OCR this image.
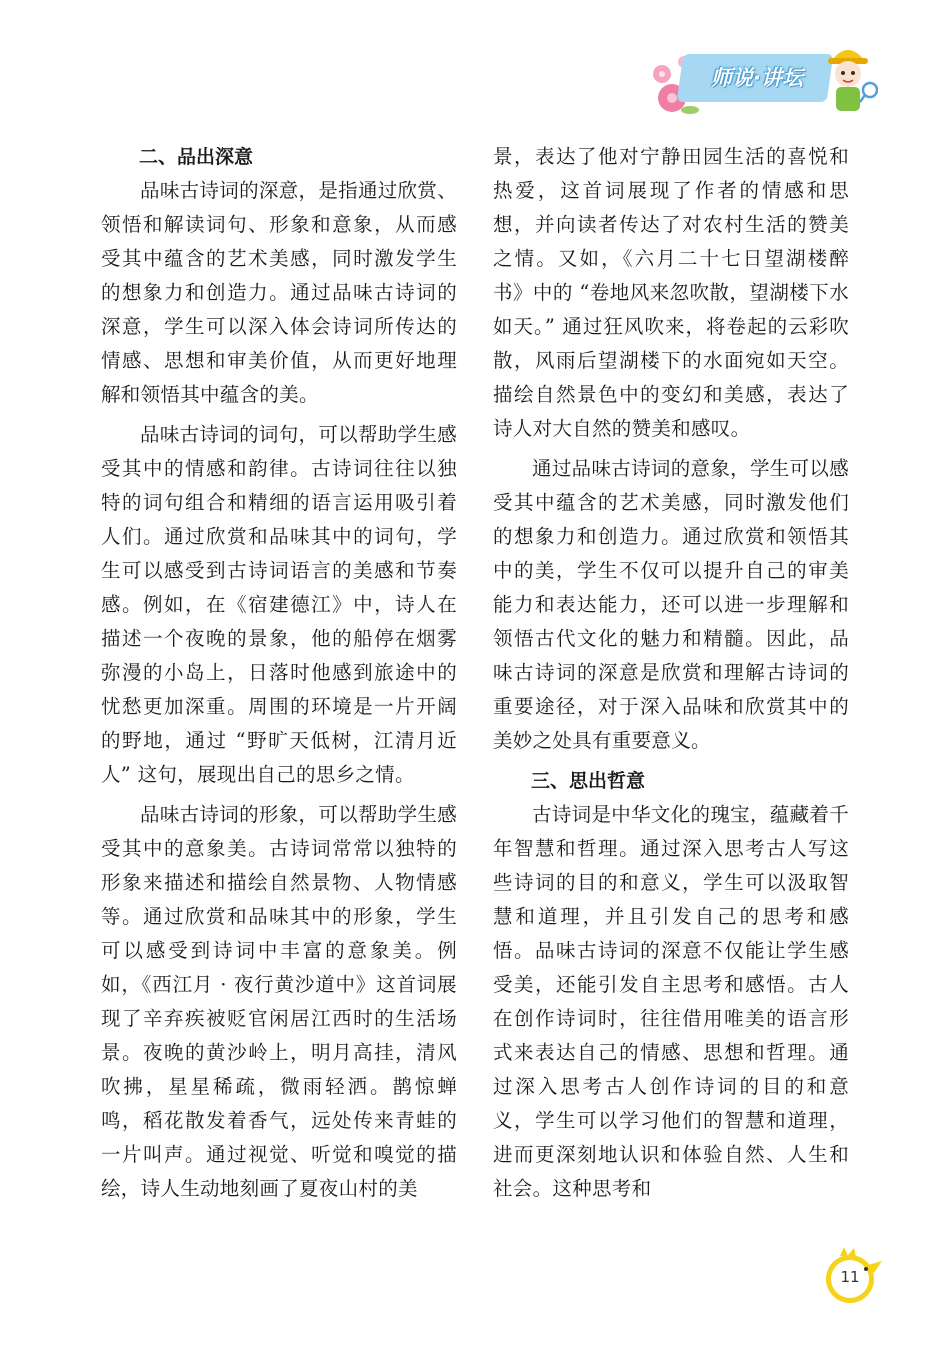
师说·讲坛

二、品出深意

品味古诗词的深意，是指通过欣赏、领悟和解读词句、形象和意象，从而感受其中蕴含的艺术美感，同时激发学生的想象力和创造力。通过品味古诗词的深意，学生可以深入体会诗词所传达的情感、思想和审美价值，从而更好地理解和领悟其中蕴含的美。

品味古诗词的词句，可以帮助学生感受其中的情感和韵律。古诗词往往以独特的词句组合和精细的语言运用吸引着人们。通过欣赏和品味其中的词句，学生可以感受到古诗词语言的美感和节奏感。例如，在《宿建德江》中，诗人在描述一个夜晚的景象，他的船停在烟雾弥漫的小岛上，日落时他感到旅途中的忧愁更加深重。周围的环境是一片开阔的野地，通过 “野旷天低树，江清月近人” 这句，展现出自己的思乡之情。

品味古诗词的形象，可以帮助学生感受其中的意象美。古诗词常常以独特的形象来描述和描绘自然景物、人物情感等。通过欣赏和品味其中的形象，学生可以感受到诗词中丰富的意象美。例如，《西江月 · 夜行黄沙道中》这首词展现了辛弃疾被贬官闲居江西时的生活场景。夜晚的黄沙岭上，明月高挂，清风吹拂，星星稀疏，微雨轻洒。鹊惊蝉鸣，稻花散发着香气，远处传来青蛙的一片叫声。通过视觉、听觉和嗅觉的描绘，诗人生动地刻画了夏夜山村的美

景，表达了他对宁静田园生活的喜悦和热爱，这首词展现了作者的情感和思想，并向读者传达了对农村生活的赞美之情。又如，《六月二十七日望湖楼醉书》中的 “卷地风来忽吹散，望湖楼下水如天。” 通过狂风吹来，将卷起的云彩吹散，风雨后望湖楼下的水面宛如天空。描绘自然景色中的变幻和美感，表达了诗人对大自然的赞美和感叹。

通过品味古诗词的意象，学生可以感受其中蕴含的艺术美感，同时激发他们的想象力和创造力。通过欣赏和领悟其中的美，学生不仅可以提升自己的审美能力和表达能力，还可以进一步理解和领悟古代文化的魅力和精髓。因此，品味古诗词的深意是欣赏和理解古诗词的重要途径，对于深入品味和欣赏其中的美妙之处具有重要意义。

三、思出哲意

古诗词是中华文化的瑰宝，蕴藏着千年智慧和哲理。通过深入思考古人写这些诗词的目的和意义，学生可以汲取智慧和道理，并且引发自己的思考和感悟。品味古诗词的深意不仅能让学生感受美，还能引发自主思考和感悟。古人在创作诗词时，往往借用唯美的语言形式来表达自己的情感、思想和哲理。通过深入思考古人创作诗词的目的和意义，学生可以学习他们的智慧和道理，进而更深刻地认识和体验自然、人生和社会。这种思考和

11
